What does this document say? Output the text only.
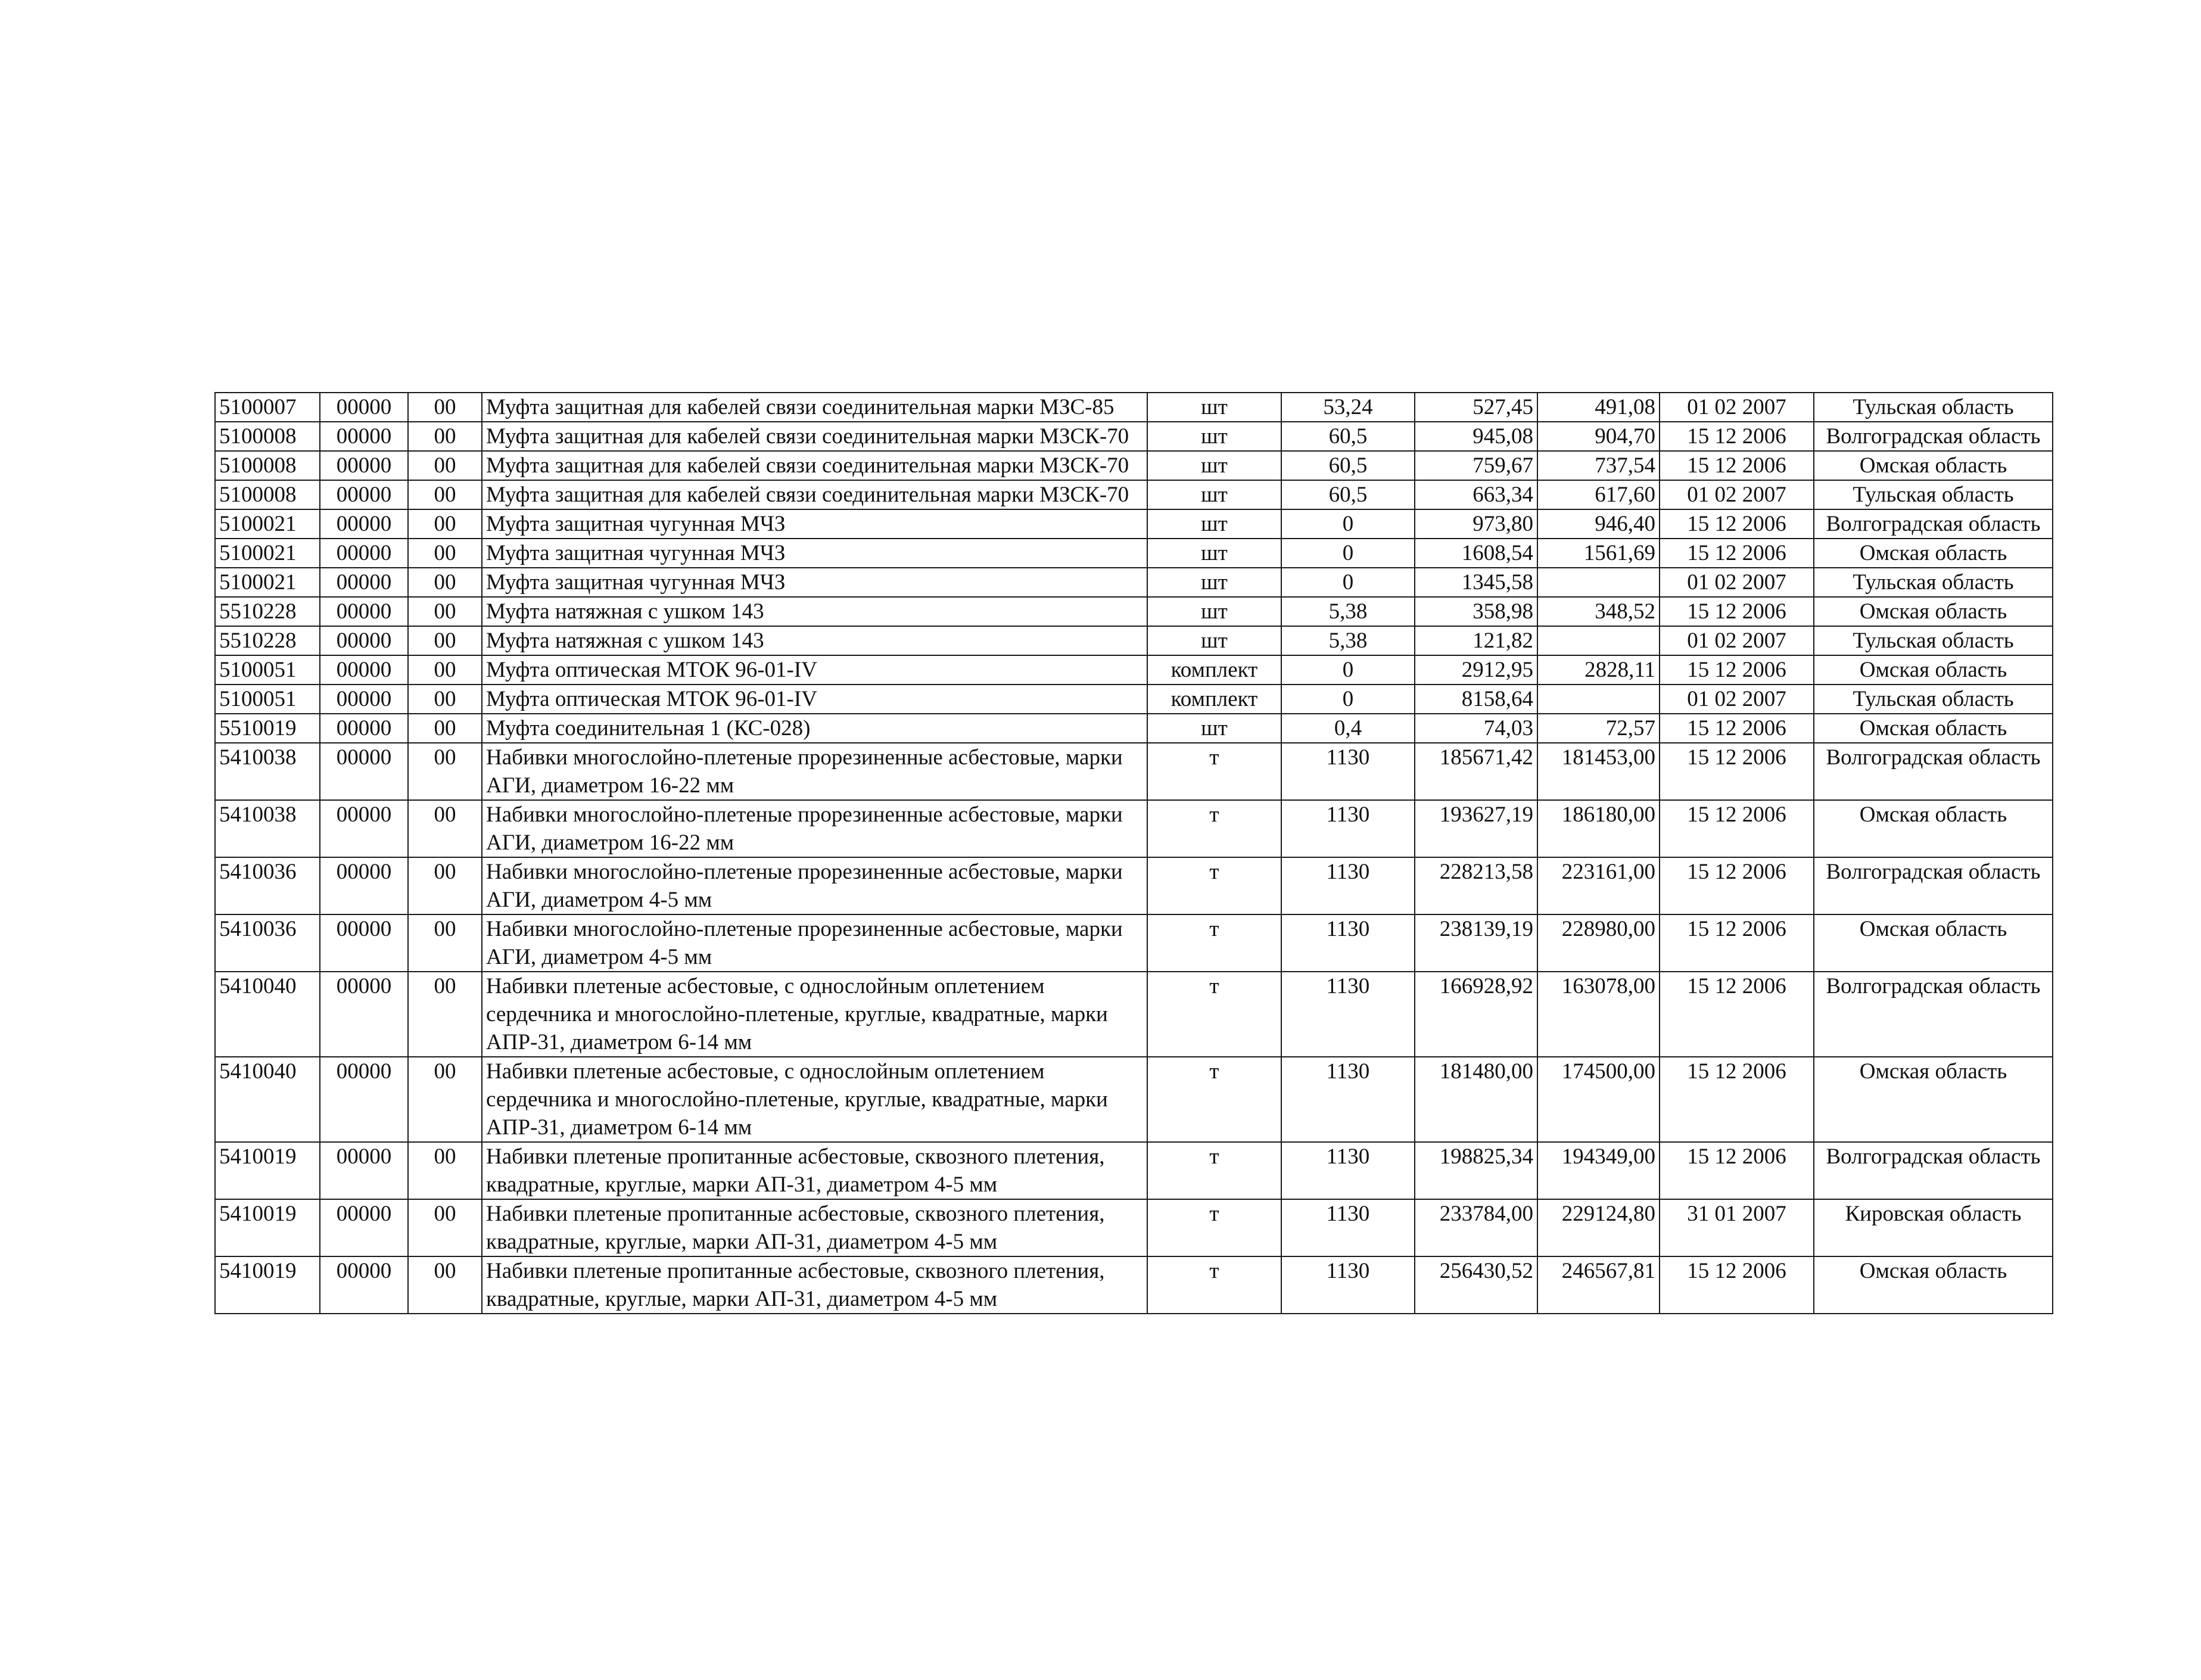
5100007	00000	00	Муфта защитная для кабелей связи соединительная марки МЗС-85	шт	53,24	527,45	491,08	01 02 2007	Тульская область
5100008	00000	00	Муфта защитная для кабелей связи соединительная марки МЗСК-70	шт	60,5	945,08	904,70	15 12 2006	Волгоградская область
5100008	00000	00	Муфта защитная для кабелей связи соединительная марки МЗСК-70	шт	60,5	759,67	737,54	15 12 2006	Омская область
5100008	00000	00	Муфта защитная для кабелей связи соединительная марки МЗСК-70	шт	60,5	663,34	617,60	01 02 2007	Тульская область
5100021	00000	00	Муфта защитная чугунная МЧЗ	шт	0	973,80	946,40	15 12 2006	Волгоградская область
5100021	00000	00	Муфта защитная чугунная МЧЗ	шт	0	1608,54	1561,69	15 12 2006	Омская область
5100021	00000	00	Муфта защитная чугунная МЧЗ	шт	0	1345,58		01 02 2007	Тульская область
5510228	00000	00	Муфта натяжная с ушком 143	шт	5,38	358,98	348,52	15 12 2006	Омская область
5510228	00000	00	Муфта натяжная с ушком 143	шт	5,38	121,82		01 02 2007	Тульская область
5100051	00000	00	Муфта оптическая МТОК 96-01-IV	комплект	0	2912,95	2828,11	15 12 2006	Омская область
5100051	00000	00	Муфта оптическая МТОК 96-01-IV	комплект	0	8158,64		01 02 2007	Тульская область
5510019	00000	00	Муфта соединительная 1 (КС-028)	шт	0,4	74,03	72,57	15 12 2006	Омская область
5410038	00000	00	Набивки многослойно-плетеные прорезиненные асбестовые, марки АГИ, диаметром 16-22 мм	т	1130	185671,42	181453,00	15 12 2006	Волгоградская область
5410038	00000	00	Набивки многослойно-плетеные прорезиненные асбестовые, марки АГИ, диаметром 16-22 мм	т	1130	193627,19	186180,00	15 12 2006	Омская область
5410036	00000	00	Набивки многослойно-плетеные прорезиненные асбестовые, марки АГИ, диаметром 4-5 мм	т	1130	228213,58	223161,00	15 12 2006	Волгоградская область
5410036	00000	00	Набивки многослойно-плетеные прорезиненные асбестовые, марки АГИ, диаметром 4-5 мм	т	1130	238139,19	228980,00	15 12 2006	Омская область
5410040	00000	00	Набивки плетеные асбестовые, с однослойным оплетением сердечника и многослойно-плетеные, круглые, квадратные, марки АПР-31, диаметром 6-14 мм	т	1130	166928,92	163078,00	15 12 2006	Волгоградская область
5410040	00000	00	Набивки плетеные асбестовые, с однослойным оплетением сердечника и многослойно-плетеные, круглые, квадратные, марки АПР-31, диаметром 6-14 мм	т	1130	181480,00	174500,00	15 12 2006	Омская область
5410019	00000	00	Набивки плетеные пропитанные асбестовые, сквозного плетения, квадратные, круглые, марки АП-31, диаметром 4-5 мм	т	1130	198825,34	194349,00	15 12 2006	Волгоградская область
5410019	00000	00	Набивки плетеные пропитанные асбестовые, сквозного плетения, квадратные, круглые, марки АП-31, диаметром 4-5 мм	т	1130	233784,00	229124,80	31 01 2007	Кировская область
5410019	00000	00	Набивки плетеные пропитанные асбестовые, сквозного плетения, квадратные, круглые, марки АП-31, диаметром 4-5 мм	т	1130	256430,52	246567,81	15 12 2006	Омская область
